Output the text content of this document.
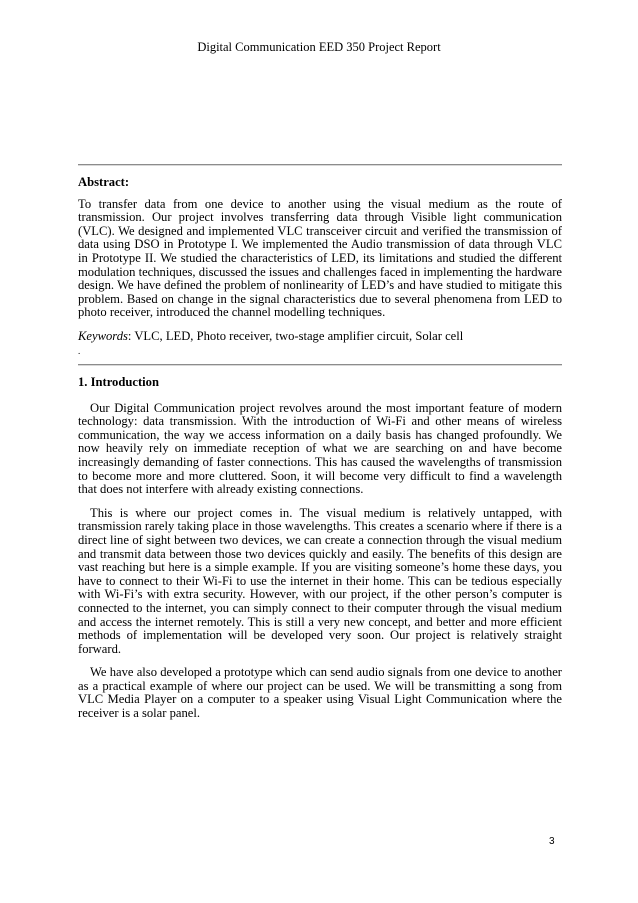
Digital Communication EED 350 Project Report
Abstract:
To transfer data from one device to another using the visual medium as the route of transmission. Our project involves transferring data through Visible light communication (VLC). We designed and implemented VLC transceiver circuit and verified the transmission of data using DSO in Prototype I. We implemented the Audio transmission of data through VLC in Prototype II. We studied the characteristics of LED, its limitations and studied the different modulation techniques, discussed the issues and challenges faced in implementing the hardware design. We have defined the problem of nonlinearity of LED’s and have studied to mitigate this problem. Based on change in the signal characteristics due to several phenomena from LED to photo receiver, introduced the channel modelling techniques.
Keywords: VLC, LED, Photo receiver, two-stage amplifier circuit, Solar cell
.
1. Introduction

Our Digital Communication project revolves around the most important feature of modern technology: data transmission. With the introduction of Wi-Fi and other means of wireless communication, the way we access information on a daily basis has changed profoundly. We now heavily rely on immediate reception of what we are searching on and have become increasingly demanding of faster connections. This has caused the wavelengths of transmission to become more and more cluttered. Soon, it will become very difficult to find a wavelength that does not interfere with already existing connections.

This is where our project comes in. The visual medium is relatively untapped, with transmission rarely taking place in those wavelengths. This creates a scenario where if there is a direct line of sight between two devices, we can create a connection through the visual medium and transmit data between those two devices quickly and easily. The benefits of this design are vast reaching but here is a simple example. If you are visiting someone’s home these days, you have to connect to their Wi-Fi to use the internet in their home. This can be tedious especially with Wi-Fi’s with extra security. However, with our project, if the other person’s computer is connected to the internet, you can simply connect to their computer through the visual medium and access the internet remotely. This is still a very new concept, and better and more efficient methods of implementation will be developed very soon. Our project is relatively straight forward.

We have also developed a prototype which can send audio signals from one device to another as a practical example of where our project can be used. We will be transmitting a song from VLC Media Player on a computer to a speaker using Visual Light Communication where the receiver is a solar panel.

3
